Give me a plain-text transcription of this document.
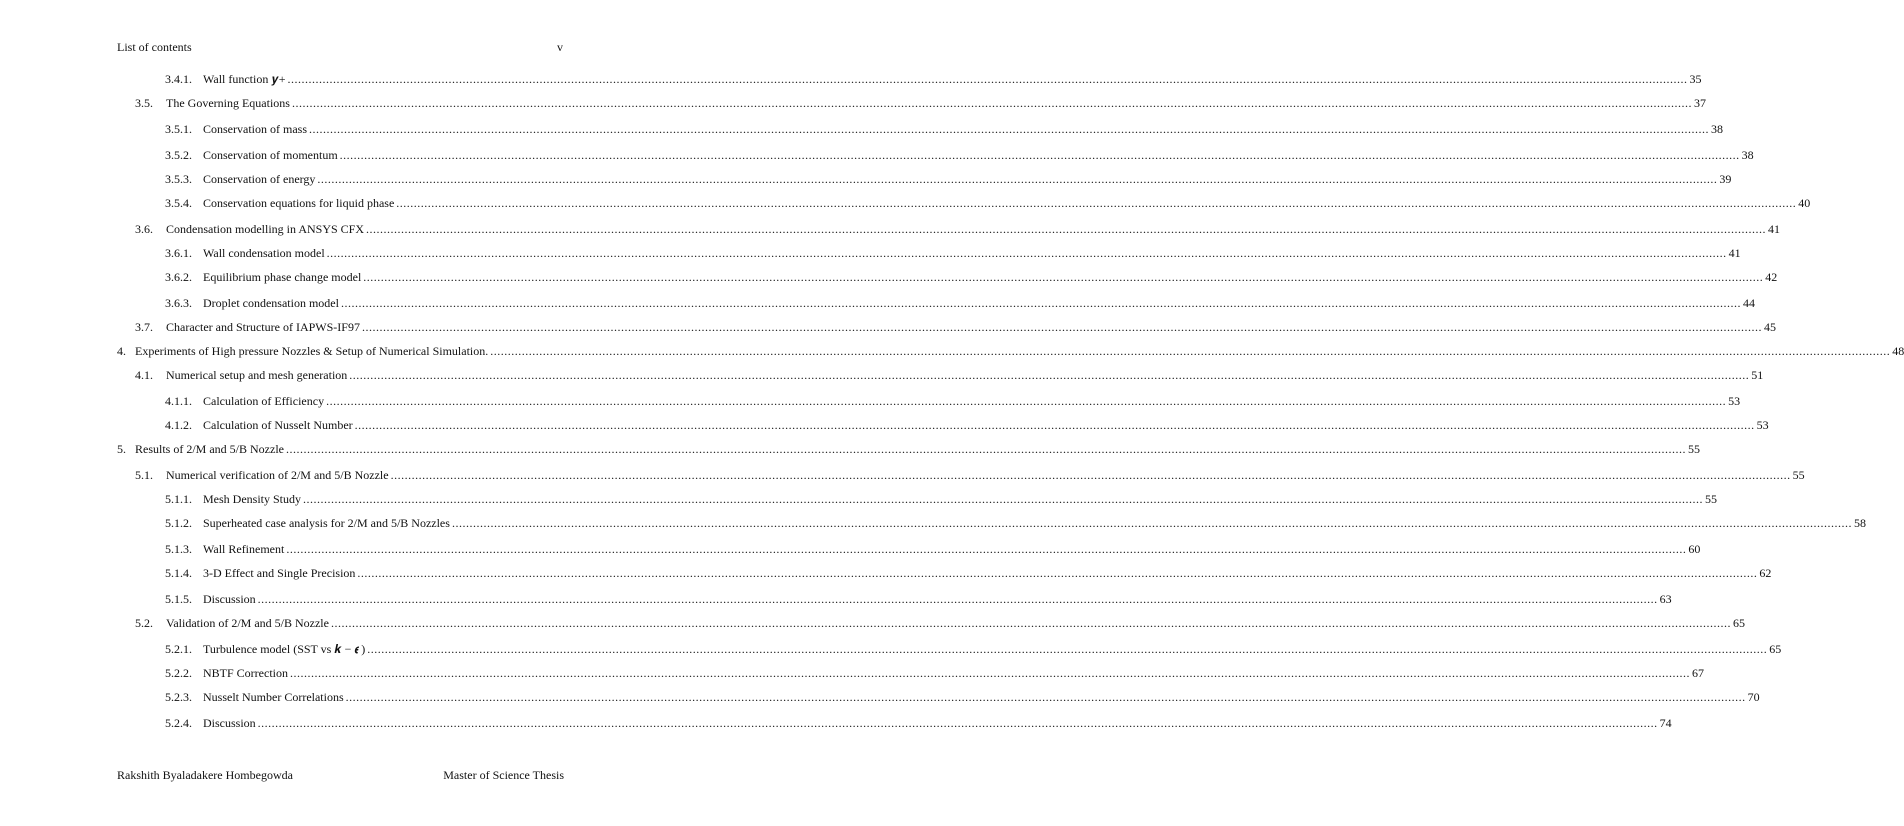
List of contents	v
3.4.1. Wall function 𝒚+ ................................................................................................................................................................................................................................................................................................................................................................................................................ 35
3.5.	The Governing Equations ................................................................................................................................................................................................................................................................................................................................................................................................................ 37
3.5.1. Conservation of mass ................................................................................................................................................................................................................................................................................................................................................................................................................ 38
3.5.2. Conservation of momentum ................................................................................................................................................................................................................................................................................................................................................................................................................ 38
3.5.3. Conservation of energy ................................................................................................................................................................................................................................................................................................................................................................................................................ 39
3.5.4. Conservation equations for liquid phase ................................................................................................................................................................................................................................................................................................................................................................................................................ 40
3.6.	Condensation modelling in ANSYS CFX ................................................................................................................................................................................................................................................................................................................................................................................................................ 41
3.6.1. Wall condensation model ................................................................................................................................................................................................................................................................................................................................................................................................................ 41
3.6.2. Equilibrium phase change model ................................................................................................................................................................................................................................................................................................................................................................................................................ 42
3.6.3. Droplet condensation model ................................................................................................................................................................................................................................................................................................................................................................................................................ 44
3.7.	Character and Structure of IAPWS-IF97 ................................................................................................................................................................................................................................................................................................................................................................................................................ 45
4. Experiments of High pressure Nozzles & Setup of Numerical Simulation. ................................................................................................................................................................................................................................................................................................................................................................................................................ 48
4.1.	Numerical setup and mesh generation ................................................................................................................................................................................................................................................................................................................................................................................................................ 51
4.1.1. Calculation of Efficiency ................................................................................................................................................................................................................................................................................................................................................................................................................ 53
4.1.2. Calculation of Nusselt Number ................................................................................................................................................................................................................................................................................................................................................................................................................ 53
5. Results of 2/M and 5/B Nozzle ................................................................................................................................................................................................................................................................................................................................................................................................................ 55
5.1.	Numerical verification of 2/M and 5/B Nozzle ................................................................................................................................................................................................................................................................................................................................................................................................................ 55
5.1.1. Mesh Density Study ................................................................................................................................................................................................................................................................................................................................................................................................................ 55
5.1.2. Superheated case analysis for 2/M and 5/B Nozzles ................................................................................................................................................................................................................................................................................................................................................................................................................ 58
5.1.3. Wall Refinement ................................................................................................................................................................................................................................................................................................................................................................................................................ 60
5.1.4. 3-D Effect and Single Precision ................................................................................................................................................................................................................................................................................................................................................................................................................ 62
5.1.5. Discussion ................................................................................................................................................................................................................................................................................................................................................................................................................ 63
5.2.	Validation of 2/M and 5/B Nozzle ................................................................................................................................................................................................................................................................................................................................................................................................................ 65
5.2.1. Turbulence model (SST vs 𝒌 − 𝝐 ) ................................................................................................................................................................................................................................................................................................................................................................................................................ 65
5.2.2. NBTF Correction ................................................................................................................................................................................................................................................................................................................................................................................................................ 67
5.2.3. Nusselt Number Correlations ................................................................................................................................................................................................................................................................................................................................................................................................................ 70
5.2.4. Discussion ................................................................................................................................................................................................................................................................................................................................................................................................................ 74
Rakshith Byaladakere Hombegowda	Master of Science Thesis
